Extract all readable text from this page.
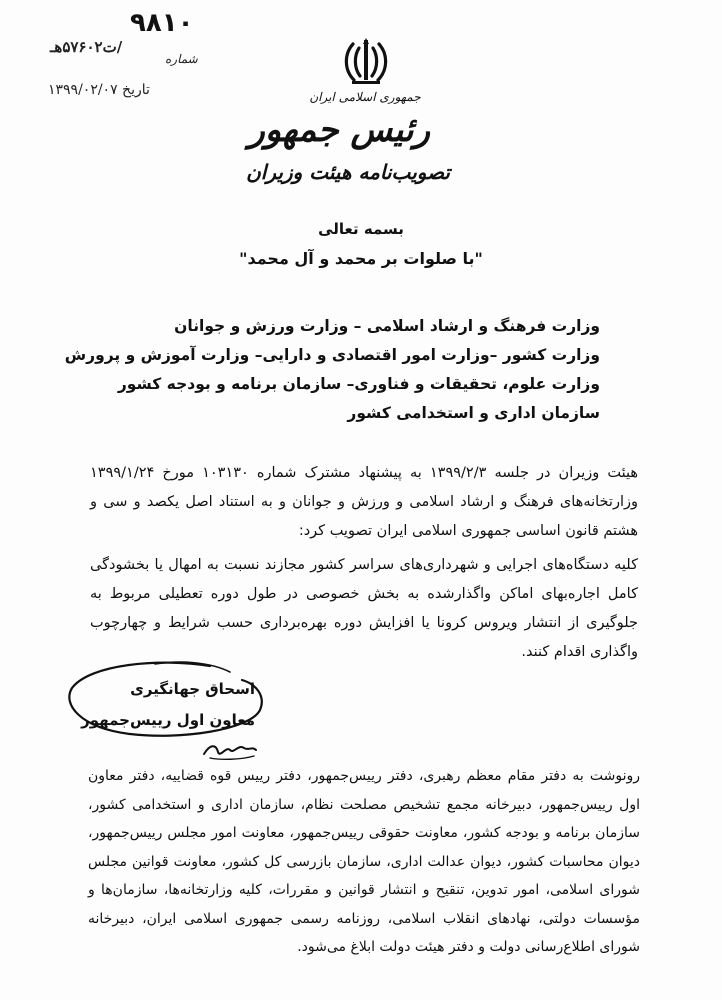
۹۸۱۰
/ت۵۷۶۰۲هـ
شماره
تاریخ ۱۳۹۹/۰۲/۰۷	جمهوری اسلامی ایران
رئیس جمهور
تصویب‌نامه هیئت وزیران
بسمه تعالی
"با صلوات بر محمد و آل محمد"
وزارت فرهنگ و ارشاد اسلامی – وزارت ورزش و جوانان
وزارت کشور –وزارت امور اقتصادی و دارایی– وزارت آموزش و پرورش
وزارت علوم، تحقیقات و فناوری– سازمان برنامه و بودجه کشور
سازمان اداری و استخدامی کشور
هیئت وزیران در جلسه ۱۳۹۹/۲/۳ به پیشنهاد مشترک شماره ۱۰۳۱۳۰ مورخ ۱۳۹۹/۱/۲۴ وزارتخانه‌های فرهنگ و ارشاد اسلامی و ورزش و جوانان و به استناد اصل یکصد و سی و هشتم قانون اساسی جمهوری اسلامی ایران تصویب کرد:
کلیه دستگاه‌های اجرایی و شهرداری‌های سراسر کشور مجازند نسبت به امهال یا بخشودگی کامل اجاره‌بهای اماکن واگذارشده به بخش خصوصی در طول دوره تعطیلی مربوط به جلوگیری از انتشار ویروس کرونا یا افزایش دوره بهره‌برداری حسب شرایط و چهارچوب واگذاری اقدام کنند.
اسحاق جهانگیری
معاون اول رییس‌جمهور
رونوشت به دفتر مقام معظم رهبری، دفتر رییس‌جمهور، دفتر رییس قوه قضاییه، دفتر معاون اول رییس‌جمهور، دبیرخانه مجمع تشخیص مصلحت نظام، سازمان اداری و استخدامی کشور، سازمان برنامه و بودجه کشور، معاونت حقوقی رییس‌جمهور، معاونت امور مجلس رییس‌جمهور، دیوان محاسبات کشور، دیوان عدالت اداری، سازمان بازرسی کل کشور، معاونت قوانین مجلس شورای اسلامی، امور تدوین، تنقیح و انتشار قوانین و مقررات، کلیه وزارتخانه‌ها، سازمان‌ها و مؤسسات دولتی، نهادهای انقلاب اسلامی، روزنامه رسمی جمهوری اسلامی ایران، دبیرخانه شورای اطلاع‌رسانی دولت و دفتر هیئت دولت ابلاغ می‌شود.
